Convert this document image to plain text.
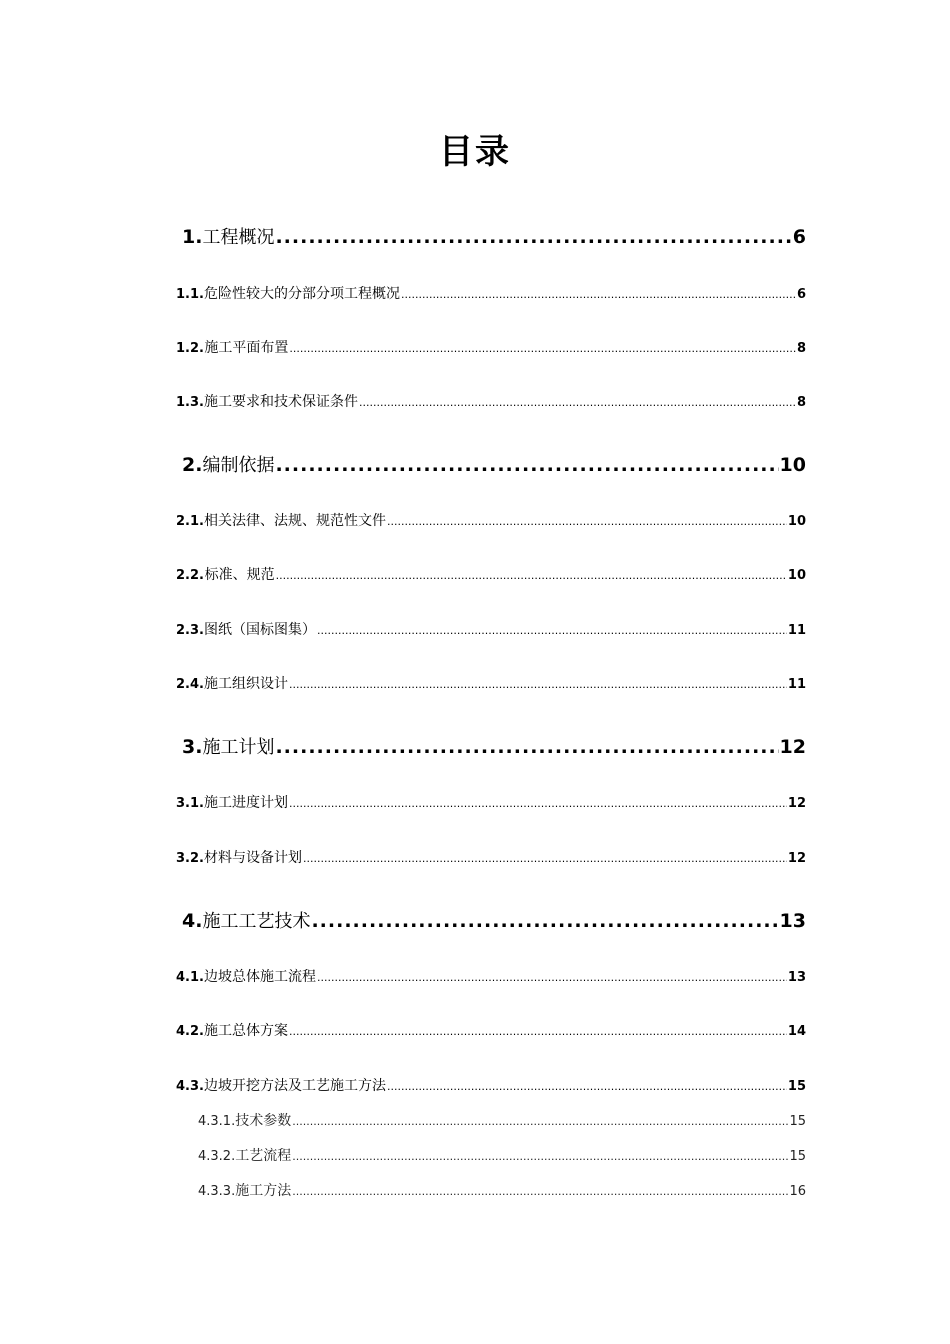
目录
1. 工程概况 .....	6
1.1. 危险性较大的分部分项工程概况 .....	6
1.2. 施工平面布置 .....	8
1.3. 施工要求和技术保证条件 .....	8
2. 编制依据 .....	10
2.1. 相关法律、法规、规范性文件 .....	10
2.2. 标准、规范 .....	10
2.3. 图纸（国标图集） .....	11
2.4. 施工组织设计 .....	11
3. 施工计划 .....	12
3.1. 施工进度计划 .....	12
3.2. 材料与设备计划 .....	12
4. 施工工艺技术 .....	13
4.1. 边坡总体施工流程 .....	13
4.2. 施工总体方案 .....	14
4.3. 边坡开挖方法及工艺施工方法 .....	15
4.3.1. 技术参数 .....	15
4.3.2. 工艺流程 .....	15
4.3.3. 施工方法 .....	16
